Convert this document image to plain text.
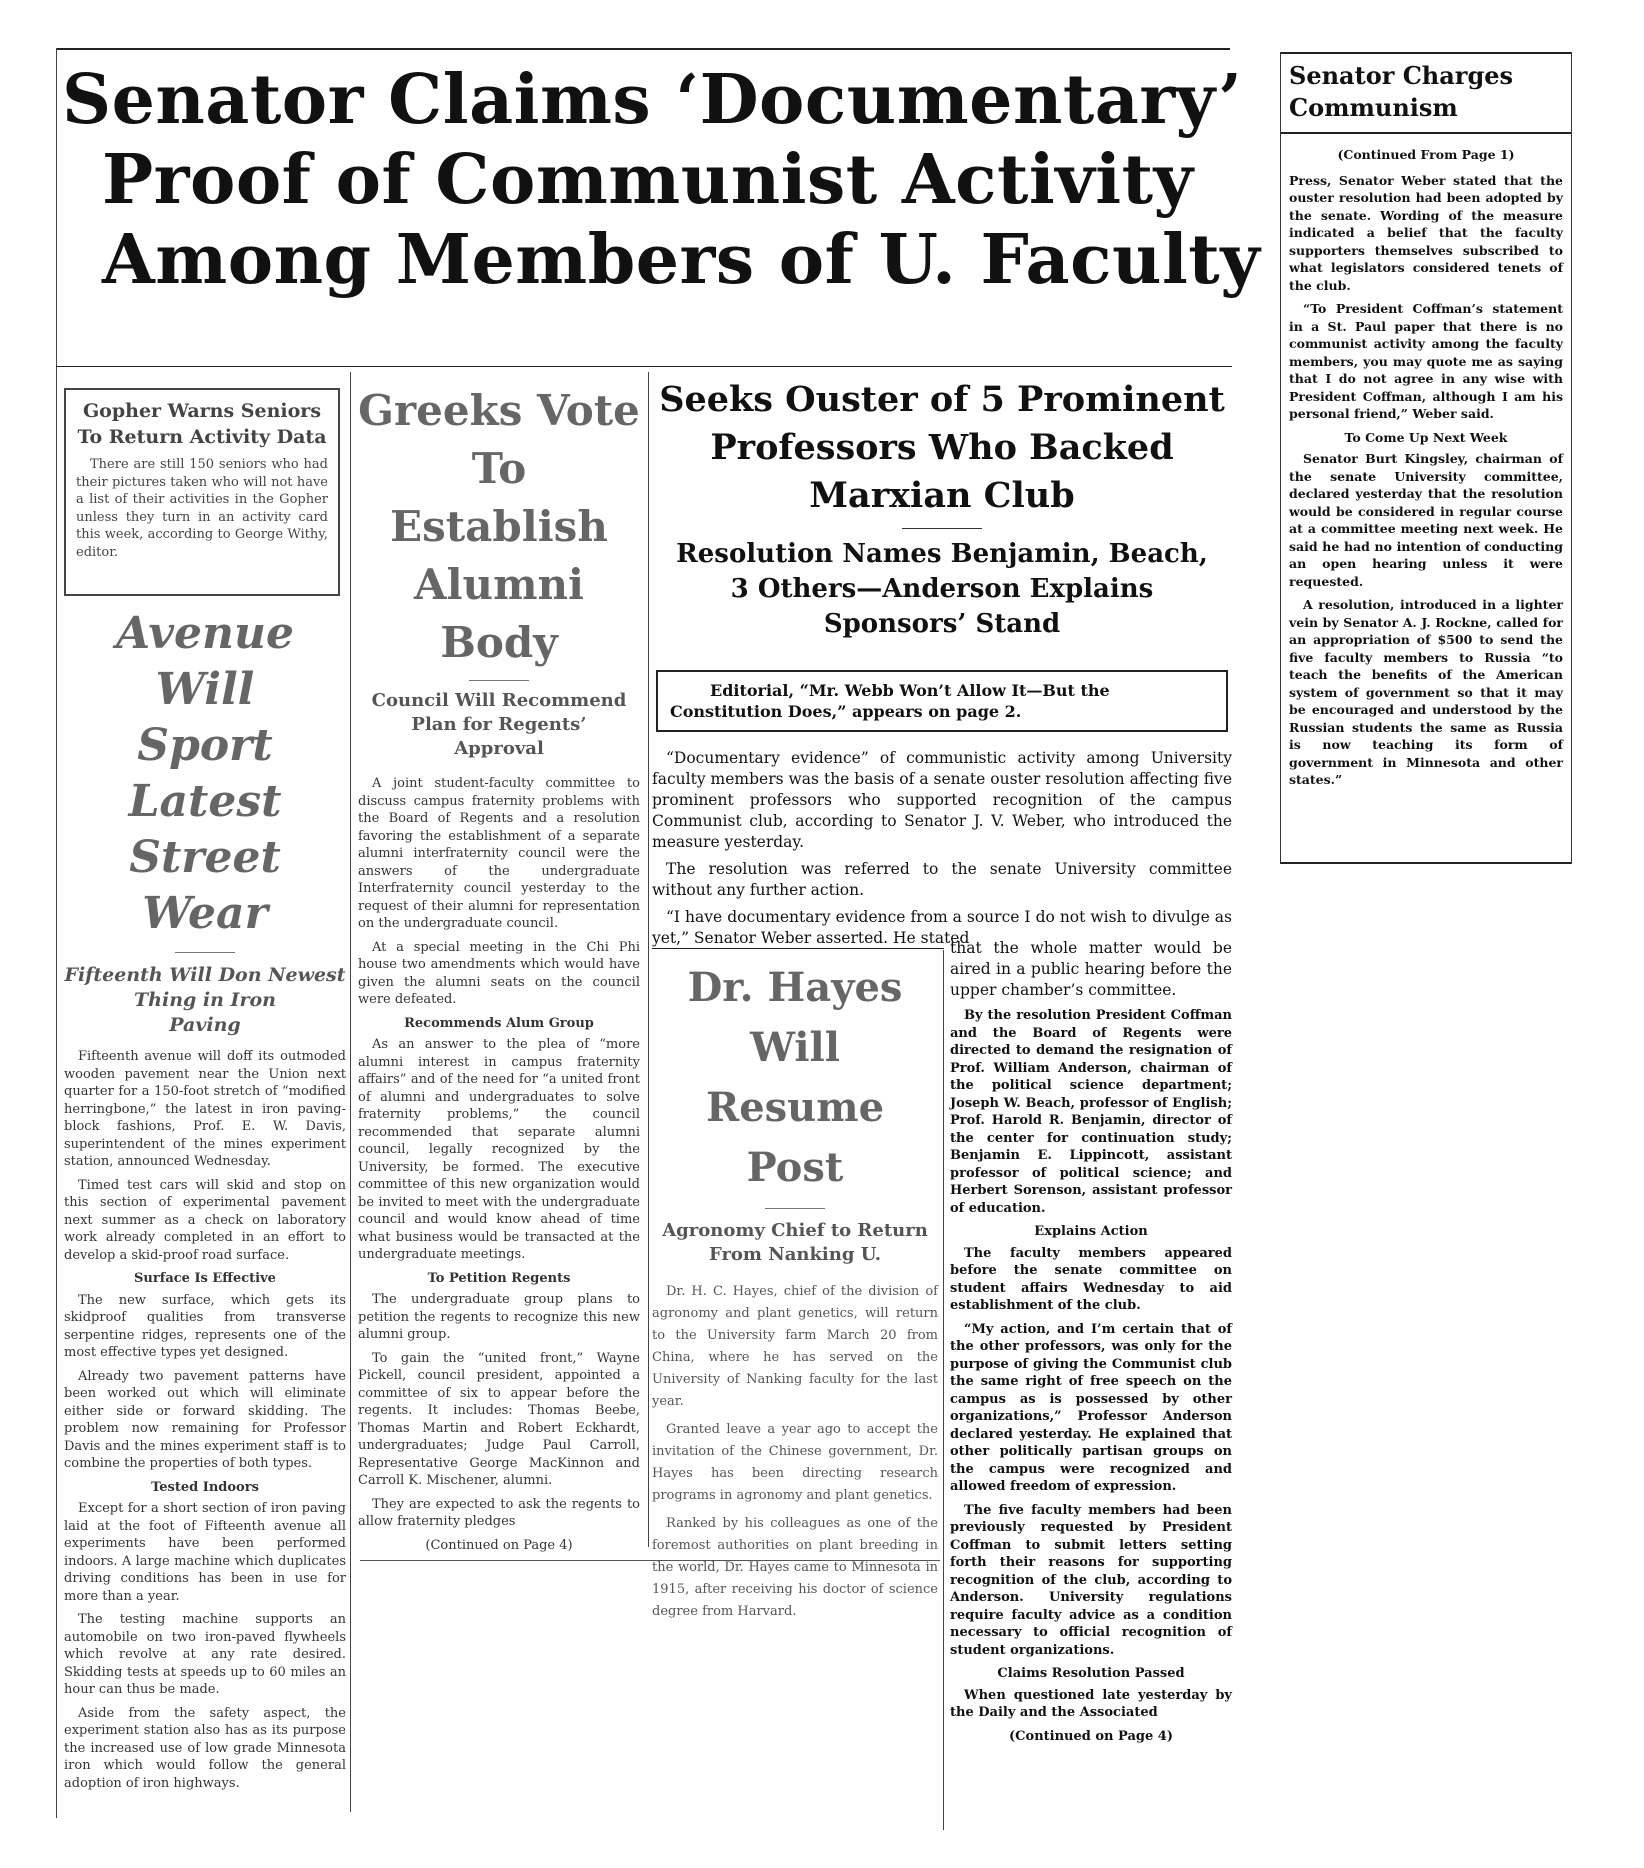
Senator Claims ‘Documentary’
Proof of Communist Activity
Among Members of U. Faculty
Gopher Warns Seniors
To Return Activity Data

There are still 150 seniors who had their pictures taken who will not have a list of their activities in the Gopher unless they turn in an activity card this week, according to George Withy, editor.

Avenue Will
Sport Latest
Street Wear
Fifteenth Will Don Newest
Thing in Iron
Paving

Fifteenth avenue will doff its outmoded wooden pavement near the Union next quarter for a 150-foot stretch of “modified herringbone,” the latest in iron paving-block fashions, Prof. E. W. Davis, superintendent of the mines experiment station, announced Wednesday.

Timed test cars will skid and stop on this section of experimental pavement next summer as a check on laboratory work already completed in an effort to develop a skid-proof road surface.

Surface Is Effective

The new surface, which gets its skidproof qualities from transverse serpentine ridges, represents one of the most effective types yet designed.

Already two pavement patterns have been worked out which will eliminate either side or forward skidding. The problem now remaining for Professor Davis and the mines experiment staff is to combine the properties of both types.

Tested Indoors

Except for a short section of iron paving laid at the foot of Fifteenth avenue all experiments have been performed indoors. A large machine which duplicates driving conditions has been in use for more than a year.

The testing machine supports an automobile on two iron-paved flywheels which revolve at any rate desired. Skidding tests at speeds up to 60 miles an hour can thus be made.

Aside from the safety aspect, the experiment station also has as its purpose the increased use of low grade Minnesota iron which would follow the general adoption of iron highways.

Greeks Vote
To Establish
Alumni Body
Council Will Recommend
Plan for Regents’
Approval

A joint student-faculty committee to discuss campus fraternity problems with the Board of Regents and a resolution favoring the establishment of a separate alumni interfraternity council were the answers of the undergraduate Interfraternity council yesterday to the request of their alumni for representation on the undergraduate council.

At a special meeting in the Chi Phi house two amendments which would have given the alumni seats on the council were defeated.

Recommends Alum Group

As an answer to the plea of “more alumni interest in campus fraternity affairs” and of the need for “a united front of alumni and undergraduates to solve fraternity problems,” the council recommended that separate alumni council, legally recognized by the University, be formed. The executive committee of this new organization would be invited to meet with the undergraduate council and would know ahead of time what business would be transacted at the undergraduate meetings.

To Petition Regents

The undergraduate group plans to petition the regents to recognize this new alumni group.

To gain the “united front,” Wayne Pickell, council president, appointed a committee of six to appear before the regents. It includes: Thomas Beebe, Thomas Martin and Robert Eckhardt, undergraduates; Judge Paul Carroll, Representative George MacKinnon and Carroll K. Mischener, alumni.

They are expected to ask the regents to allow fraternity pledges

(Continued on Page 4)
Seeks Ouster of 5 Prominent
Professors Who Backed
Marxian Club
Resolution Names Benjamin, Beach,
3 Others—Anderson Explains
Sponsors’ Stand
Editorial, “Mr. Webb Won’t Allow It—But the Constitution Does,” appears on page 2.

“Documentary evidence” of communistic activity among University faculty members was the basis of a senate ouster resolution affecting five prominent professors who supported recognition of the campus Communist club, according to Senator J. V. Weber, who introduced the measure yesterday.

The resolution was referred to the senate University committee without any further action.

“I have documentary evidence from a source I do not wish to divulge as yet,” Senator Weber asserted. He stated

that the whole matter would be aired in a public hearing before the upper chamber’s committee.

By the resolution President Coffman and the Board of Regents were directed to demand the resignation of Prof. William Anderson, chairman of the political science department; Joseph W. Beach, professor of English; Prof. Harold R. Benjamin, director of the center for continuation study; Benjamin E. Lippincott, assistant professor of political science; and Herbert Sorenson, assistant professor of education.

Explains Action

The faculty members appeared before the senate committee on student affairs Wednesday to aid establishment of the club.

“My action, and I’m certain that of the other professors, was only for the purpose of giving the Communist club the same right of free speech on the campus as is possessed by other organizations,” Professor Anderson declared yesterday. He explained that other politically partisan groups on the campus were recognized and allowed freedom of expression.

The five faculty members had been previously requested by President Coffman to submit letters setting forth their reasons for supporting recognition of the club, according to Anderson. University regulations require faculty advice as a condition necessary to official recognition of student organizations.

Claims Resolution Passed

When questioned late yesterday by the Daily and the Associated

(Continued on Page 4)
Dr. Hayes Will
Resume Post
Agronomy Chief to Return
From Nanking U.

Dr. H. C. Hayes, chief of the division of agronomy and plant genetics, will return to the University farm March 20 from China, where he has served on the University of Nanking faculty for the last year.

Granted leave a year ago to accept the invitation of the Chinese government, Dr. Hayes has been directing research programs in agronomy and plant genetics.

Ranked by his colleagues as one of the foremost authorities on plant breeding in the world, Dr. Hayes came to Minnesota in 1915, after receiving his doctor of science degree from Harvard.

Senator Charges
Communism
(Continued From Page 1)

Press, Senator Weber stated that the ouster resolution had been adopted by the senate. Wording of the measure indicated a belief that the faculty supporters themselves subscribed to what legislators considered tenets of the club.

“To President Coffman’s statement in a St. Paul paper that there is no communist activity among the faculty members, you may quote me as saying that I do not agree in any wise with President Coffman, although I am his personal friend,” Weber said.

To Come Up Next Week

Senator Burt Kingsley, chairman of the senate University committee, declared yesterday that the resolution would be considered in regular course at a committee meeting next week. He said he had no intention of conducting an open hearing unless it were requested.

A resolution, introduced in a lighter vein by Senator A. J. Rockne, called for an appropriation of $500 to send the five faculty members to Russia “to teach the benefits of the American system of government so that it may be encouraged and understood by the Russian students the same as Russia is now teaching its form of government in Minnesota and other states.”
